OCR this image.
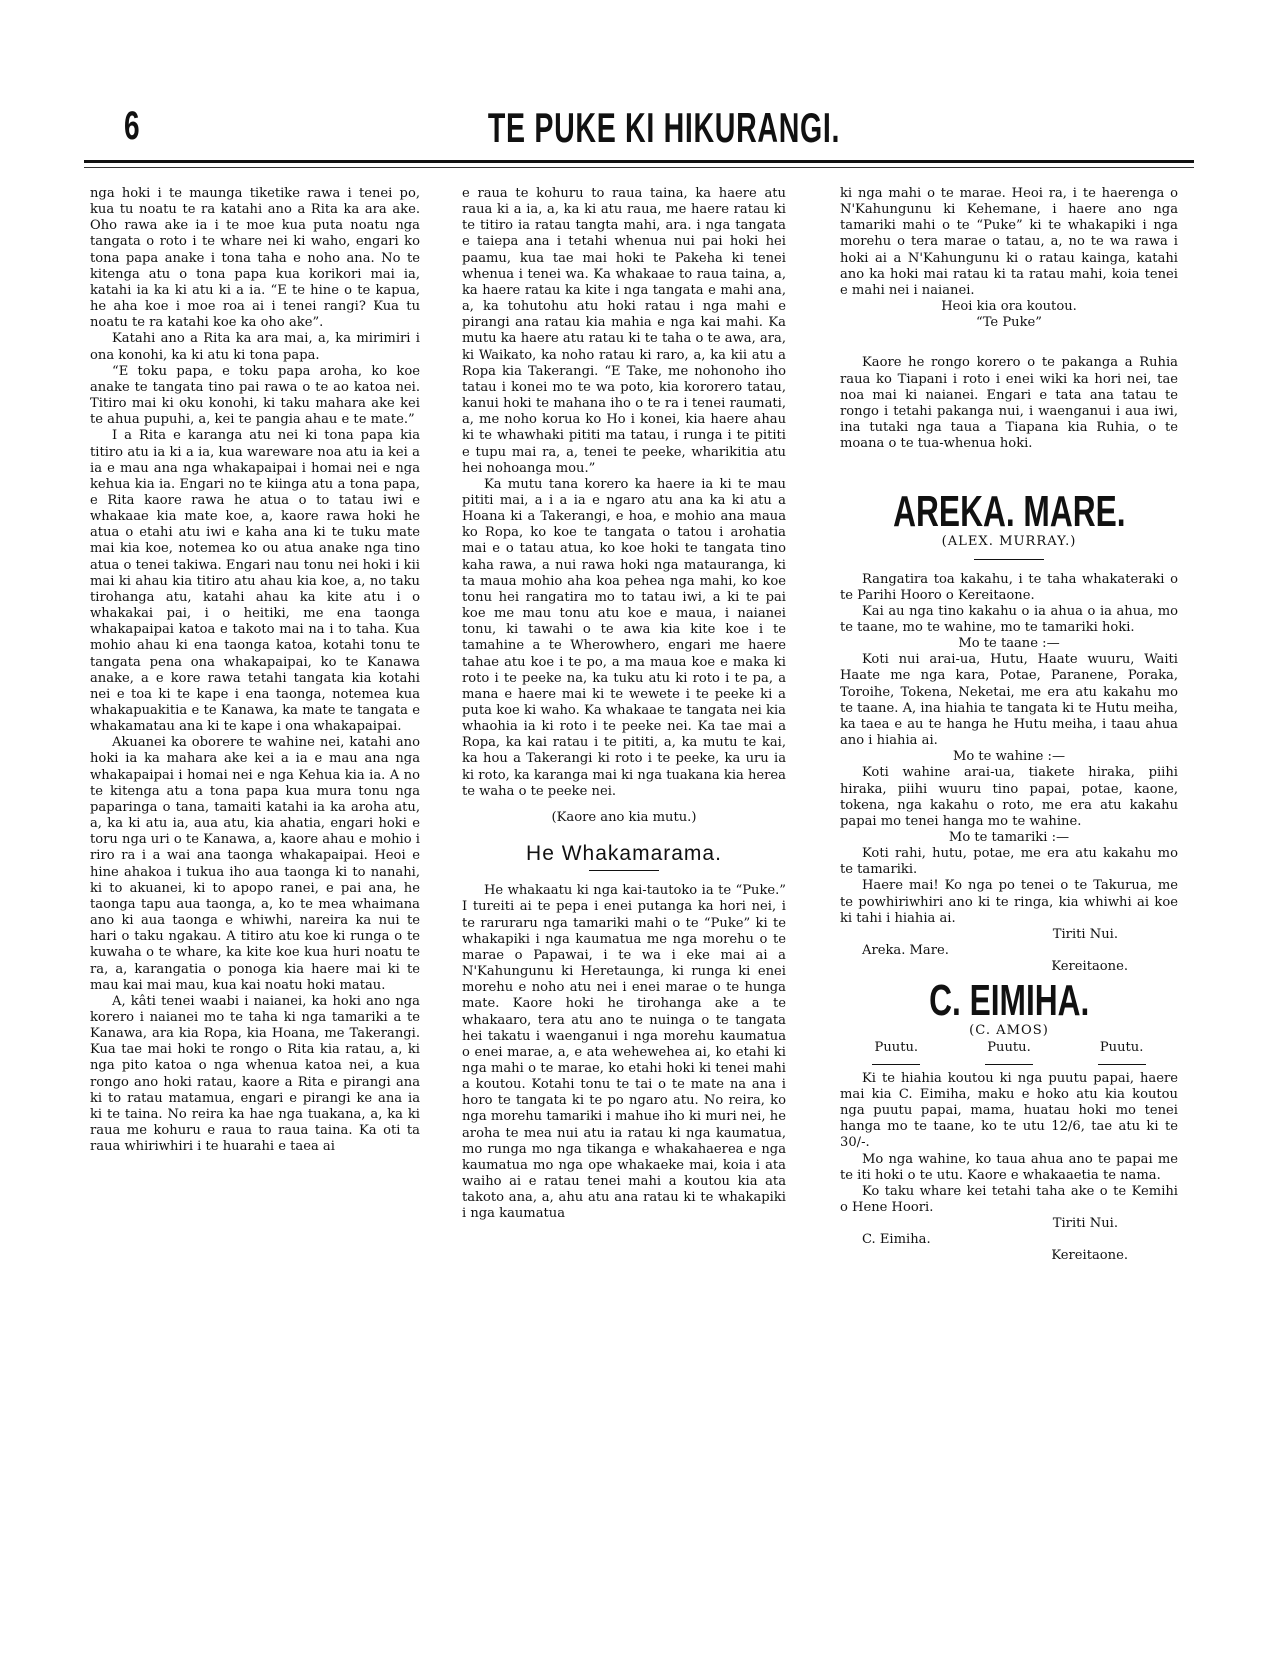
6	TE PUKE KI HIKURANGI.

nga hoki i te maunga tiketike rawa i tenei po, kua tu noatu te ra katahi ano a Rita ka ara ake. Oho rawa ake ia i te moe kua puta noatu nga tangata o roto i te whare nei ki waho, engari ko tona papa anake i tona taha e noho ana. No te kitenga atu o tona papa kua korikori mai ia, katahi ia ka ki atu ki a ia. “E te hine o te kapua, he aha koe i moe roa ai i tenei rangi? Kua tu noatu te ra katahi koe ka oho ake”.

Katahi ano a Rita ka ara mai, a, ka mirimiri i ona konohi, ka ki atu ki tona papa.

“E toku papa, e toku papa aroha, ko koe anake te tangata tino pai rawa o te ao katoa nei. Titiro mai ki oku konohi, ki taku mahara ake kei te ahua pupuhi, a, kei te pangia ahau e te mate.”

I a Rita e karanga atu nei ki tona papa kia titiro atu ia ki a ia, kua wareware noa atu ia kei a ia e mau ana nga whakapaipai i homai nei e nga kehua kia ia. Engari no te kiinga atu a tona papa, e Rita kaore rawa he atua o to tatau iwi e whakaae kia mate koe, a, kaore rawa hoki he atua o etahi atu iwi e kaha ana ki te tuku mate mai kia koe, notemea ko ou atua anake nga tino atua o tenei takiwa. Engari nau tonu nei hoki i kii mai ki ahau kia titiro atu ahau kia koe, a, no taku tirohanga atu, katahi ahau ka kite atu i o whakakai pai, i o heitiki, me ena taonga whakapaipai katoa e takoto mai na i to taha. Kua mohio ahau ki ena taonga katoa, kotahi tonu te tangata pena ona whakapaipai, ko te Kanawa anake, a e kore rawa tetahi tangata kia kotahi nei e toa ki te kape i ena taonga, notemea kua whakapuakitia e te Kanawa, ka mate te tangata e whakamatau ana ki te kape i ona whakapaipai.

Akuanei ka oborere te wahine nei, katahi ano hoki ia ka mahara ake kei a ia e mau ana nga whakapaipai i homai nei e nga Kehua kia ia. A no te kitenga atu a tona papa kua mura tonu nga paparinga o tana, tamaiti katahi ia ka aroha atu, a, ka ki atu ia, aua atu, kia ahatia, engari hoki e toru nga uri o te Kanawa, a, kaore ahau e mohio i riro ra i a wai ana taonga whakapaipai. Heoi e hine ahakoa i tukua iho aua taonga ki to nanahi, ki to akuanei, ki to apopo ranei, e pai ana, he taonga tapu aua taonga, a, ko te mea whaimana ano ki aua taonga e whiwhi, nareira ka nui te hari o taku ngakau. A titiro atu koe ki runga o te kuwaha o te whare, ka kite koe kua huri noatu te ra, a, karangatia o ponoga kia haere mai ki te mau kai mai mau, kua kai noatu hoki matau.

A, kâti tenei waabi i naianei, ka hoki ano nga korero i naianei mo te taha ki nga tamariki a te Kanawa, ara kia Ropa, kia Hoana, me Takerangi. Kua tae mai hoki te rongo o Rita kia ratau, a, ki nga pito katoa o nga whenua katoa nei, a kua rongo ano hoki ratau, kaore a Rita e pirangi ana ki to ratau matamua, engari e pirangi ke ana ia ki te taina. No reira ka hae nga tuakana, a, ka ki raua me kohuru e raua to raua taina. Ka oti ta raua whiriwhiri i te huarahi e taea ai

e raua te kohuru to raua taina, ka haere atu raua ki a ia, a, ka ki atu raua, me haere ratau ki te titiro ia ratau tangta mahi, ara. i nga tangata e taiepa ana i tetahi whenua nui pai hoki hei paamu, kua tae mai hoki te Pakeha ki tenei whenua i tenei wa. Ka whakaae to raua taina, a, ka haere ratau ka kite i nga tangata e mahi ana, a, ka tohutohu atu hoki ratau i nga mahi e pirangi ana ratau kia mahia e nga kai mahi. Ka mutu ka haere atu ratau ki te taha o te awa, ara, ki Waikato, ka noho ratau ki raro, a, ka kii atu a Ropa kia Takerangi. “E Take, me nohonoho iho tatau i konei mo te wa poto, kia kororero tatau, kanui hoki te mahana iho o te ra i tenei raumati, a, me noho korua ko Ho i konei, kia haere ahau ki te whawhaki pititi ma tatau, i runga i te pititi e tupu mai ra, a, tenei te peeke, wharikitia atu hei nohoanga mou.”

Ka mutu tana korero ka haere ia ki te mau pititi mai, a i a ia e ngaro atu ana ka ki atu a Hoana ki a Takerangi, e hoa, e mohio ana maua ko Ropa, ko koe te tangata o tatou i arohatia mai e o tatau atua, ko koe hoki te tangata tino kaha rawa, a nui rawa hoki nga matauranga, ki ta maua mohio aha koa pehea nga mahi, ko koe tonu hei rangatira mo to tatau iwi, a ki te pai koe me mau tonu atu koe e maua, i naianei tonu, ki tawahi o te awa kia kite koe i te tamahine a te Wherowhero, engari me haere tahae atu koe i te po, a ma maua koe e maka ki roto i te peeke na, ka tuku atu ki roto i te pa, a mana e haere mai ki te wewete i te peeke ki a puta koe ki waho. Ka whakaae te tangata nei kia whaohia ia ki roto i te peeke nei. Ka tae mai a Ropa, ka kai ratau i te pititi, a, ka mutu te kai, ka hou a Takerangi ki roto i te peeke, ka uru ia ki roto, ka karanga mai ki nga tuakana kia herea te waha o te peeke nei.

(Kaore ano kia mutu.)

He Whakamarama.

He whakaatu ki nga kai-tautoko ia te “Puke.” I tureiti ai te pepa i enei putanga ka hori nei, i te raruraru nga tamariki mahi o te “Puke” ki te whakapiki i nga kaumatua me nga morehu o te marae o Papawai, i te wa i eke mai ai a N'Kahungunu ki Heretaunga, ki runga ki enei morehu e noho atu nei i enei marae o te hunga mate. Kaore hoki he tirohanga ake a te whakaaro, tera atu ano te nuinga o te tangata hei takatu i waenganui i nga morehu kaumatua o enei marae, a, e ata wehewehea ai, ko etahi ki nga mahi o te marae, ko etahi hoki ki tenei mahi a koutou. Kotahi tonu te tai o te mate na ana i horo te tangata ki te po ngaro atu. No reira, ko nga morehu tamariki i mahue iho ki muri nei, he aroha te mea nui atu ia ratau ki nga kaumatua, mo runga mo nga tikanga e whakahaerea e nga kaumatua mo nga ope whakaeke mai, koia i ata waiho ai e ratau tenei mahi a koutou kia ata takoto ana, a, ahu atu ana ratau ki te whakapiki i nga kaumatua

ki nga mahi o te marae. Heoi ra, i te haerenga o N'Kahungunu ki Kehemane, i haere ano nga tamariki mahi o te “Puke” ki te whakapiki i nga morehu o tera marae o tatau, a, no te wa rawa i hoki ai a N'Kahungunu ki o ratau kainga, katahi ano ka hoki mai ratau ki ta ratau mahi, koia tenei e mahi nei i naianei.

Heoi kia ora koutou.

“Te Puke”

Kaore he rongo korero o te pakanga a Ruhia raua ko Tiapani i roto i enei wiki ka hori nei, tae noa mai ki naianei. Engari e tata ana tatau te rongo i tetahi pakanga nui, i waenganui i aua iwi, ina tutaki nga taua a Tiapana kia Ruhia, o te moana o te tua-whenua hoki.

AREKA. MARE.
(ALEX. MURRAY.)

Rangatira toa kakahu, i te taha whakateraki o te Parihi Hooro o Kereitaone.

Kai au nga tino kakahu o ia ahua o ia ahua, mo te taane, mo te wahine, mo te tamariki hoki.

Mo te taane :—

Koti nui arai-ua, Hutu, Haate wuuru, Waiti Haate me nga kara, Potae, Paranene, Poraka, Toroihe, Tokena, Neketai, me era atu kakahu mo te taane. A, ina hiahia te tangata ki te Hutu meiha, ka taea e au te hanga he Hutu meiha, i taau ahua ano i hiahia ai.

Mo te wahine :—

Koti wahine arai-ua, tiakete hiraka, piihi hiraka, piihi wuuru tino papai, potae, kaone, tokena, nga kakahu o roto, me era atu kakahu papai mo tenei hanga mo te wahine.

Mo te tamariki :—

Koti rahi, hutu, potae, me era atu kakahu mo te tamariki.

Haere mai! Ko nga po tenei o te Takurua, me te powhiriwhiri ano ki te ringa, kia whiwhi ai koe ki tahi i hiahia ai.

Tiriti Nui.

Areka. Mare.

Kereitaone.

C. EIMIHA.
(C. AMOS)
Puutu.	Puutu.	Puutu.

Ki te hiahia koutou ki nga puutu papai, haere mai kia C. Eimiha, maku e hoko atu kia koutou nga puutu papai, mama, huatau hoki mo tenei hanga mo te taane, ko te utu 12/6, tae atu ki te 30/-.

Mo nga wahine, ko taua ahua ano te papai me te iti hoki o te utu. Kaore e whakaaetia te nama.

Ko taku whare kei tetahi taha ake o te Kemihi o Hene Hoori.

Tiriti Nui.

C. Eimiha.

Kereitaone.
